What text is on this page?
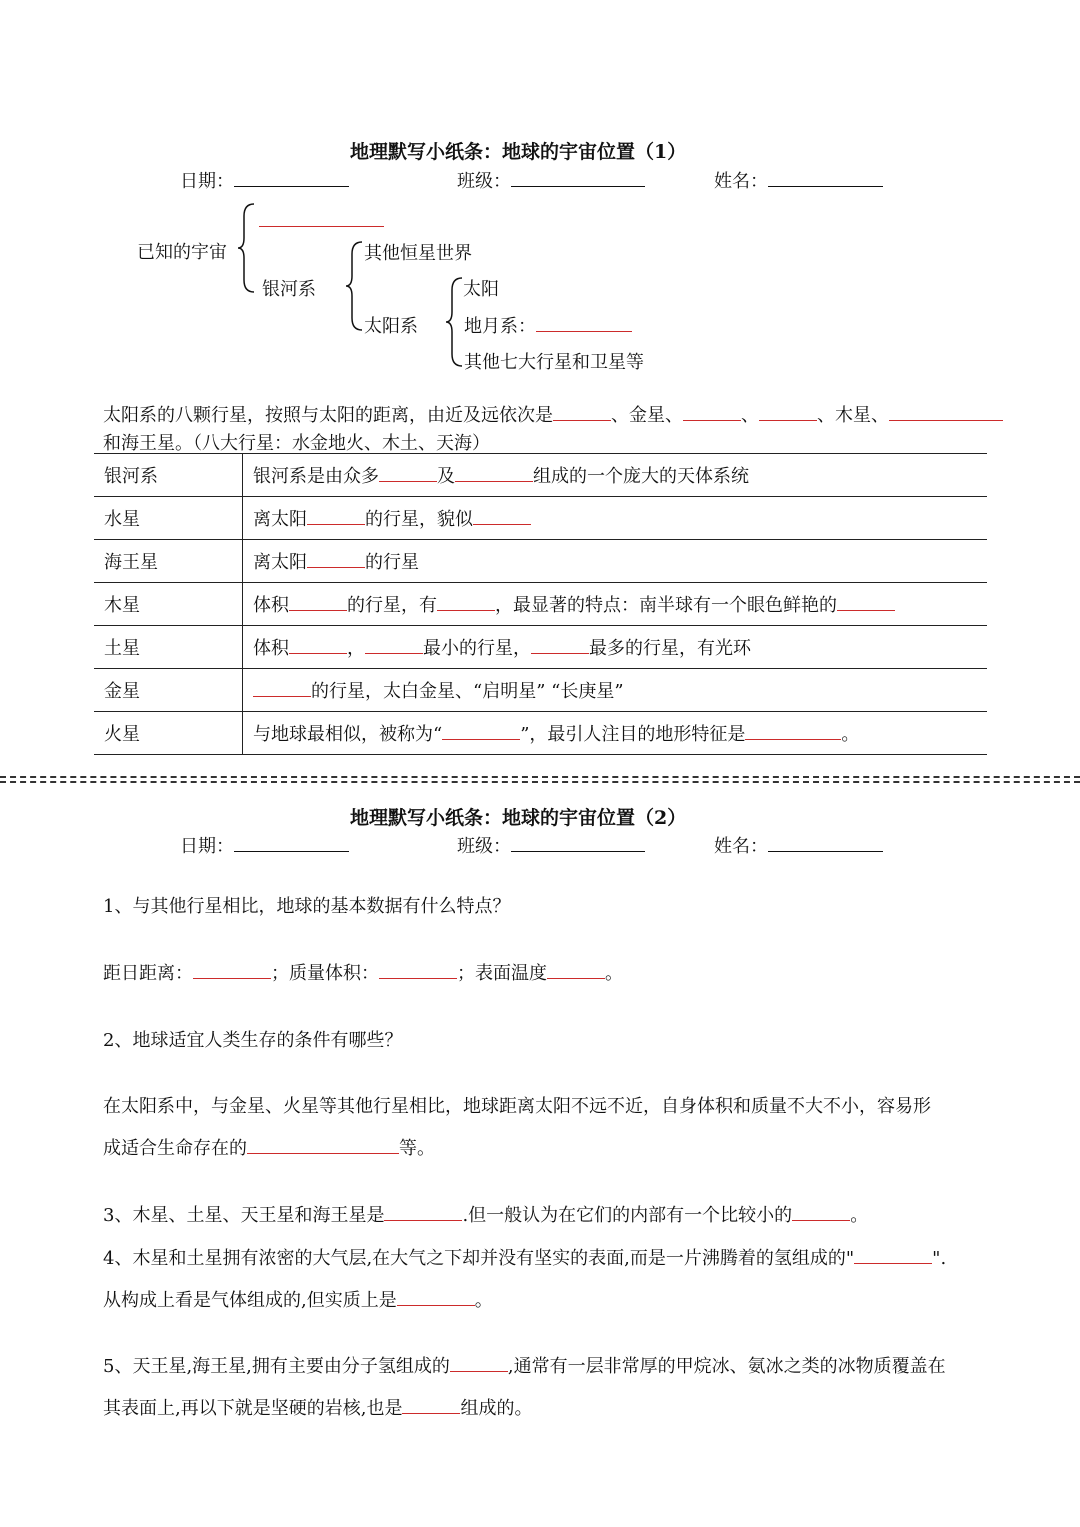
地理默写小纸条：地球的宇宙位置（1）
日期：	班级：	姓名：
已知的宇宙
银河系
其他恒星世界
太阳系
太阳
地月系：
其他七大行星和卫星等
太阳系的八颗行星，按照与太阳的距离，由近及远依次是	、金星、	、	、木星、
和海王星。（八大行星：水金地火、木土、天海）
银河系	银河系是由众多 及 组成的一个庞大的天体系统
水星	离太阳 的行星，貌似
海王星	离太阳 的行星
木星	体积 的行星，有 ，最显著的特点：南半球有一个眼色鲜艳的
土星	体积 ， 最小的行星， 最多的行星，有光环
金星	的行星，太白金星、“启明星” “长庚星”
火星	与地球最相似，被称为“ ”，最引人注目的地形特征是 。
地理默写小纸条：地球的宇宙位置（2）
日期：	班级：	姓名：
1、与其他行星相比，地球的基本数据有什么特点？
距日距离：	；质量体积：	；表面温度	。
2、地球适宜人类生存的条件有哪些？
在太阳系中，与金星、火星等其他行星相比，地球距离太阳不远不近，自身体积和质量不大不小，容易形
成适合生命存在的	等。
3、木星、土星、天王星和海王星是	.但一般认为在它们的内部有一个比较小的	。
4、木星和土星拥有浓密的大气层,在大气之下却并没有坚实的表面,而是一片沸腾着的氢组成的"	".
从构成上看是气体组成的,但实质上是	。
5、天王星,海王星,拥有主要由分子氢组成的	,通常有一层非常厚的甲烷冰、氨冰之类的冰物质覆盖在
其表面上,再以下就是坚硬的岩核,也是	组成的。
